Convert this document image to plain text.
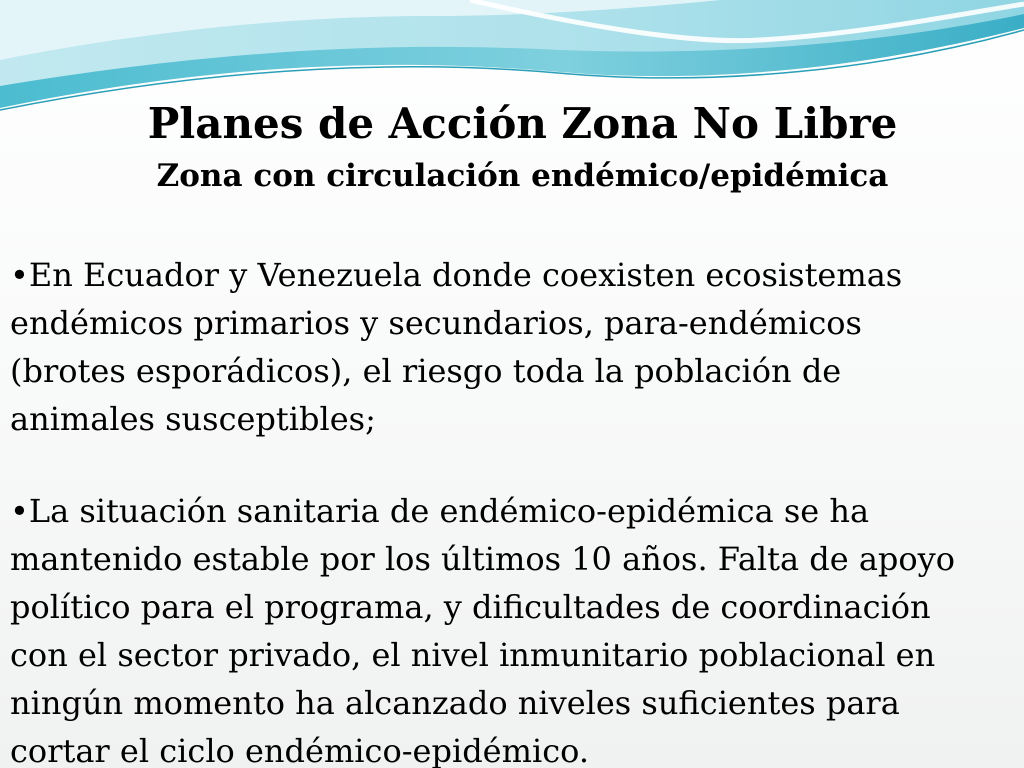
Planes de Acción Zona No Libre
Zona con circulación endémico/epidémica

•En Ecuador y Venezuela donde coexisten ecosistemas
endémicos primarios y secundarios, para-endémicos
(brotes esporádicos), el riesgo toda la población de
animales susceptibles;

•La situación sanitaria de endémico-epidémica se ha
mantenido estable por los últimos 10 años. Falta de apoyo
político para el programa, y dificultades de coordinación
con el sector privado, el nivel inmunitario poblacional en
ningún momento ha alcanzado niveles suficientes para
cortar el ciclo endémico-epidémico.
